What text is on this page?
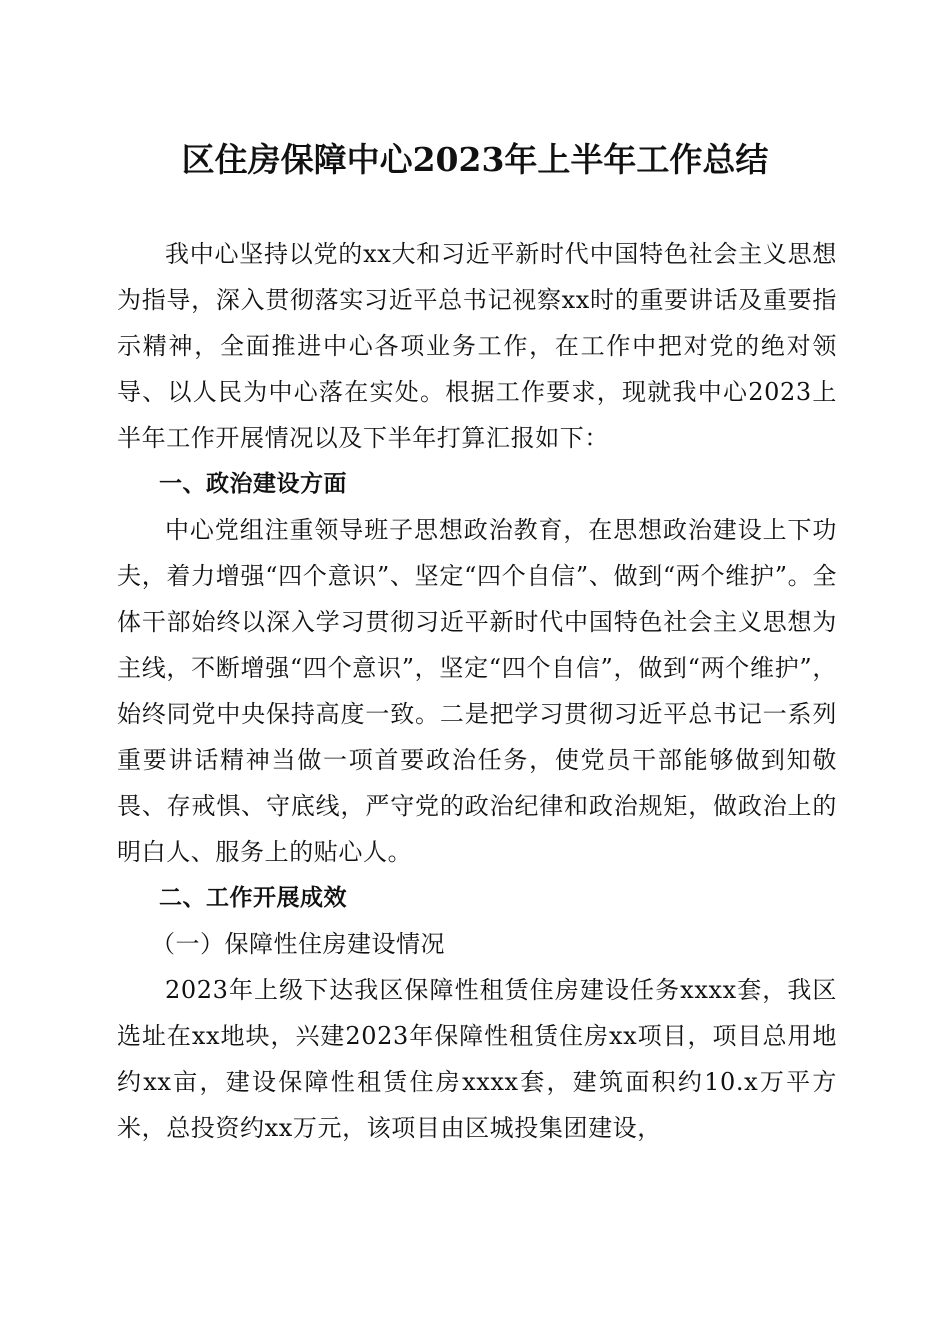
区住房保障中心2023年上半年工作总结

我中心坚持以党的xx大和习近平新时代中国特色社会主义思想为指导，深入贯彻落实习近平总书记视察xx时的重要讲话及重要指示精神，全面推进中心各项业务工作，在工作中把对党的绝对领导、以人民为中心落在实处。根据工作要求，现就我中心2023上半年工作开展情况以及下半年打算汇报如下：

一、政治建设方面

中心党组注重领导班子思想政治教育，在思想政治建设上下功夫，着力增强“四个意识”、坚定“四个自信”、做到“两个维护”。全体干部始终以深入学习贯彻习近平新时代中国特色社会主义思想为主线，不断增强“四个意识”，坚定“四个自信”，做到“两个维护”，始终同党中央保持高度一致。二是把学习贯彻习近平总书记一系列重要讲话精神当做一项首要政治任务，使党员干部能够做到知敬畏、存戒惧、守底线，严守党的政治纪律和政治规矩，做政治上的明白人、服务上的贴心人。

二、工作开展成效

（一）保障性住房建设情况

2023年上级下达我区保障性租赁住房建设任务xxxx套，我区选址在xx地块，兴建2023年保障性租赁住房xx项目，项目总用地约xx亩，建设保障性租赁住房xxxx套，建筑面积约10.x万平方米，总投资约xx万元，该项目由区城投集团建设，
